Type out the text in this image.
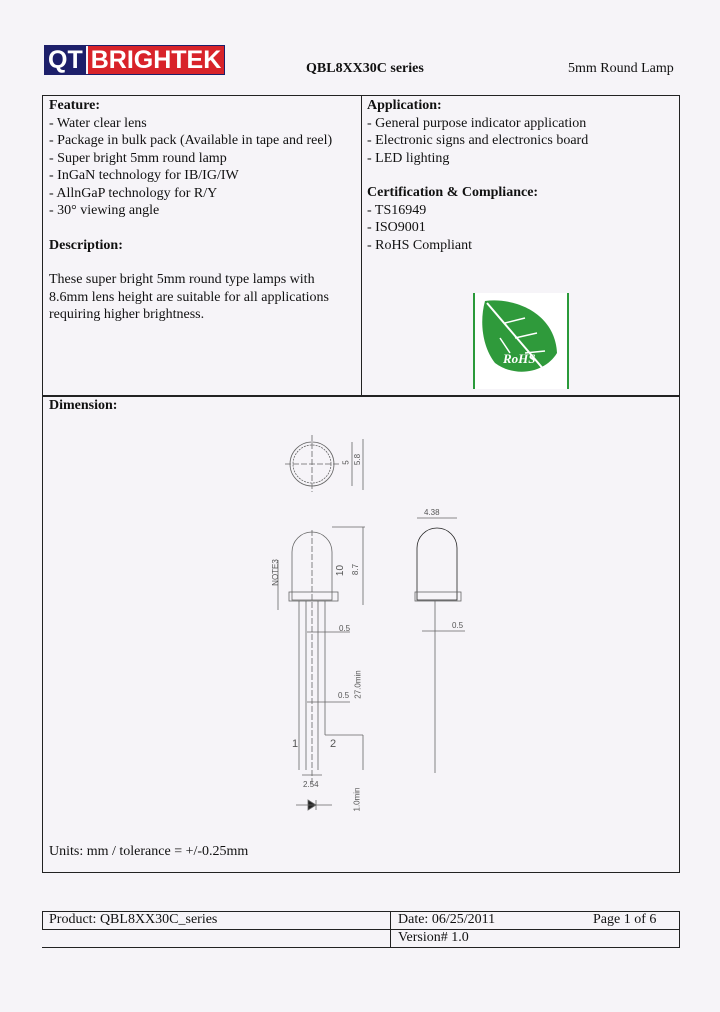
QT BRIGHTEK	QBL8XX30C series	5mm Round Lamp
Feature:
- Water clear lens
- Package in bulk pack (Available in tape and reel)
- Super bright 5mm round lamp
- InGaN technology for IB/IG/IW
- AllnGaP technology for R/Y
- 30° viewing angle
Description:
These super bright 5mm round type lamps with
8.6mm lens height are suitable for all applications
requiring higher brightness.
Application:
- General purpose indicator application
- Electronic signs and electronics board
- LED lighting
Certification & Compliance:
- TS16949
- ISO9001
- RoHS Compliant
RoHS
Dimension:
5 5.8
4.38
10 8.7
NOTE3
0.5
0.5
0.5
27.0min
2.54
1.0min
1	2
Units: mm / tolerance = +/-0.25mm
Product: QBL8XX30C_series	Date: 06/25/2011	Page 1 of 6
Version# 1.0
